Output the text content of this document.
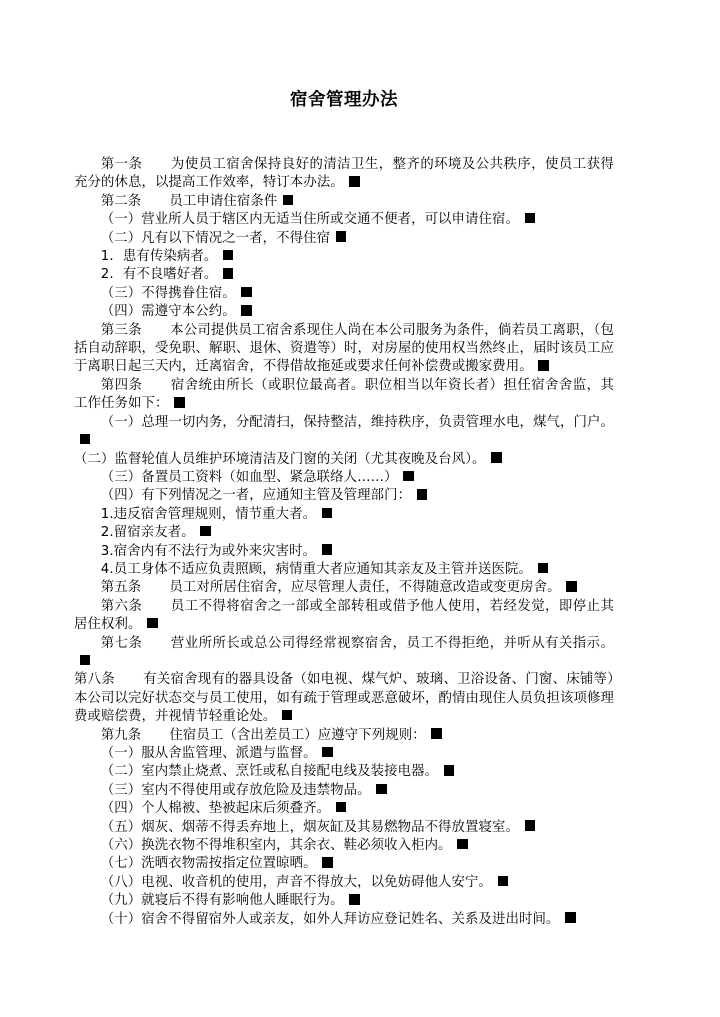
宿舍管理办法

第一条 为使员工宿舍保持良好的清洁卫生，整齐的环境及公共秩序，使员工获得充分的休息，以提高工作效率，特订本办法。

第二条 员工申请住宿条件

（一）营业所人员于辖区内无适当住所或交通不便者，可以申请住宿。

（二）凡有以下情况之一者，不得住宿

1．患有传染病者。

2．有不良嗜好者。

（三）不得携眷住宿。

（四）需遵守本公约。

第三条 本公司提供员工宿舍系现住人尚在本公司服务为条件，倘若员工离职，（包括自动辞职，受免职、解职、退休、资遣等）时，对房屋的使用权当然终止，届时该员工应于离职日起三天内，迁离宿舍，不得借故拖延或要求任何补偿费或搬家费用。

第四条 宿舍统由所长（或职位最高者。职位相当以年资长者）担任宿舍舍监，其工作任务如下：

（一）总理一切内务，分配清扫，保持整洁，维持秩序，负责管理水电，煤气，门户。

（二）监督轮值人员维护环境清洁及门窗的关闭（尤其夜晚及台风）。

（三）备置员工资料（如血型、紧急联络人……）

（四）有下列情况之一者，应通知主管及管理部门：

1.违反宿舍管理规则，情节重大者。

2.留宿亲友者。

3.宿舍内有不法行为或外来灾害时。

4.员工身体不适应负责照顾，病情重大者应通知其亲友及主管并送医院。

第五条 员工对所居住宿舍，应尽管理人责任，不得随意改造或变更房舍。

第六条 员工不得将宿舍之一部或全部转租或借予他人使用，若经发觉，即停止其居住权利。

第七条 营业所所长或总公司得经常视察宿舍，员工不得拒绝，并听从有关指示。

第八条 有关宿舍现有的器具设备（如电视、煤气炉、玻璃、卫浴设备、门窗、床铺等）本公司以完好状态交与员工使用，如有疏于管理或恶意破坏，酌情由现住人员负担该项修理费或赔偿费，并视情节轻重论处。

第九条 住宿员工（含出差员工）应遵守下列规则：

（一）服从舍监管理、派遣与监督。

（二）室内禁止烧煮、烹饪或私自接配电线及装接电器。

（三）室内不得使用或存放危险及违禁物品。

（四）个人棉被、垫被起床后须叠齐。

（五）烟灰、烟蒂不得丢弃地上，烟灰缸及其易燃物品不得放置寝室。

（六）换洗衣物不得堆积室内，其余衣、鞋必须收入柜内。

（七）洗晒衣物需按指定位置晾晒。

（八）电视、收音机的使用，声音不得放大，以免妨碍他人安宁。

（九）就寝后不得有影响他人睡眠行为。

（十）宿舍不得留宿外人或亲友，如外人拜访应登记姓名、关系及进出时间。
